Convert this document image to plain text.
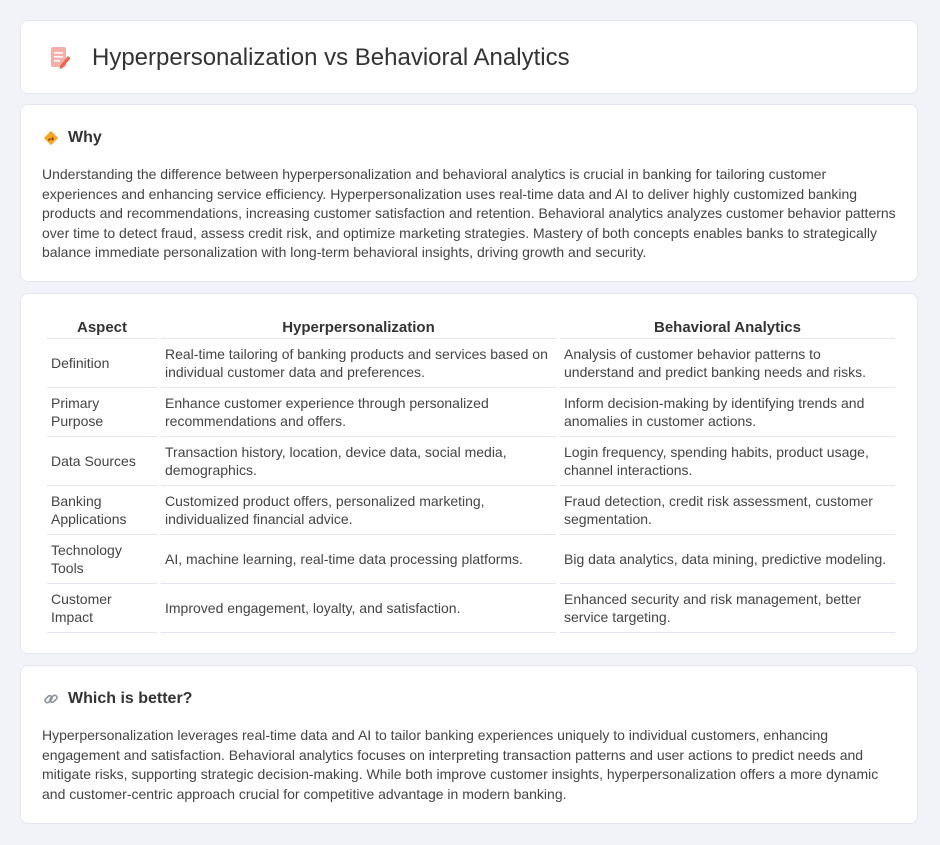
Hyperpersonalization vs Behavioral Analytics
Why

Understanding the difference between hyperpersonalization and behavioral analytics is crucial in banking for tailoring customer experiences and enhancing service efficiency. Hyperpersonalization uses real-time data and AI to deliver highly customized banking products and recommendations, increasing customer satisfaction and retention. Behavioral analytics analyzes customer behavior patterns over time to detect fraud, assess credit risk, and optimize marketing strategies. Mastery of both concepts enables banks to strategically balance immediate personalization with long-term behavioral insights, driving growth and security.

Aspect	Hyperpersonalization	Behavioral Analytics
Definition	Real-time tailoring of banking products and services based on individual customer data and preferences.	Analysis of customer behavior patterns to understand and predict banking needs and risks.
Primary Purpose	Enhance customer experience through personalized recommendations and offers.	Inform decision-making by identifying trends and anomalies in customer actions.
Data Sources	Transaction history, location, device data, social media, demographics.	Login frequency, spending habits, product usage, channel interactions.
Banking Applications	Customized product offers, personalized marketing, individualized financial advice.	Fraud detection, credit risk assessment, customer segmentation.
Technology Tools	AI, machine learning, real-time data processing platforms.	Big data analytics, data mining, predictive modeling.
Customer Impact	Improved engagement, loyalty, and satisfaction.	Enhanced security and risk management, better service targeting.
Which is better?

Hyperpersonalization leverages real-time data and AI to tailor banking experiences uniquely to individual customers, enhancing engagement and satisfaction. Behavioral analytics focuses on interpreting transaction patterns and user actions to predict needs and mitigate risks, supporting strategic decision-making. While both improve customer insights, hyperpersonalization offers a more dynamic and customer-centric approach crucial for competitive advantage in modern banking.
